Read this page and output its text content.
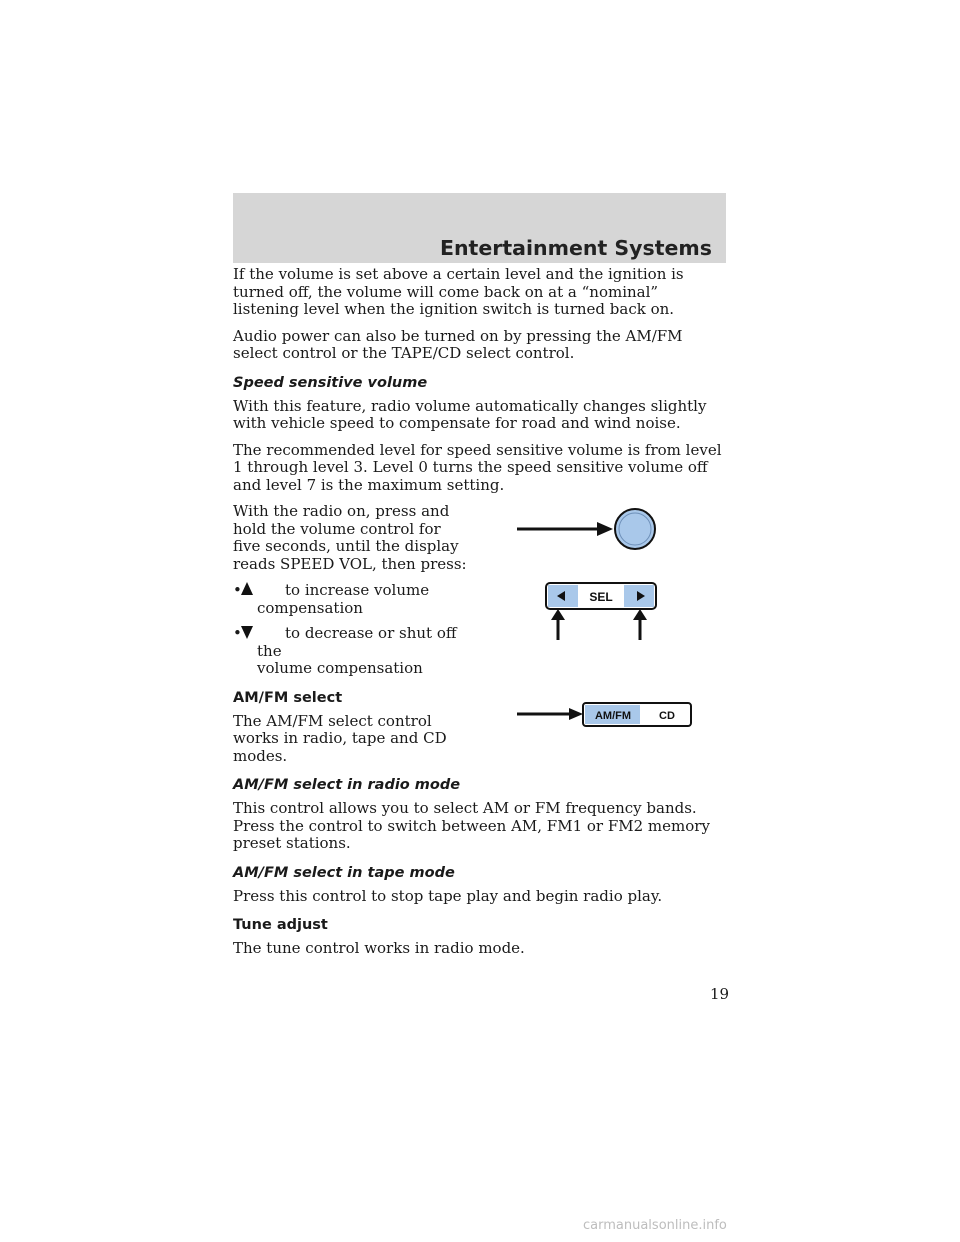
Entertainment Systems

If the volume is set above a certain level and the ignition is turned off, the volume will come back on at a “nominal” listening level when the ignition switch is turned back on.

Audio power can also be turned on by pressing the AM/FM select control or the TAPE/CD select control.

Speed sensitive volume

With this feature, radio volume automatically changes slightly with vehicle speed to compensate for road and wind noise.

The recommended level for speed sensitive volume is from level 1 through level 3. Level 0 turns the speed sensitive volume off and level 7 is the maximum setting.

With the radio on, press and hold the volume control for five seconds, until the display reads SPEED VOL, then press:

•	to increase volume
compensation
•	to decrease or shut off the
volume compensation
AM/FM select

The AM/FM select control works in radio, tape and CD modes.

AM/FM select in radio mode

This control allows you to select AM or FM frequency bands. Press the control to switch between AM, FM1 or FM2 memory preset stations.

AM/FM select in tape mode

Press this control to stop tape play and begin radio play.

Tune adjust

The tune control works in radio mode.

SEL
AM/FM	CD
19
carmanualsonline.info
